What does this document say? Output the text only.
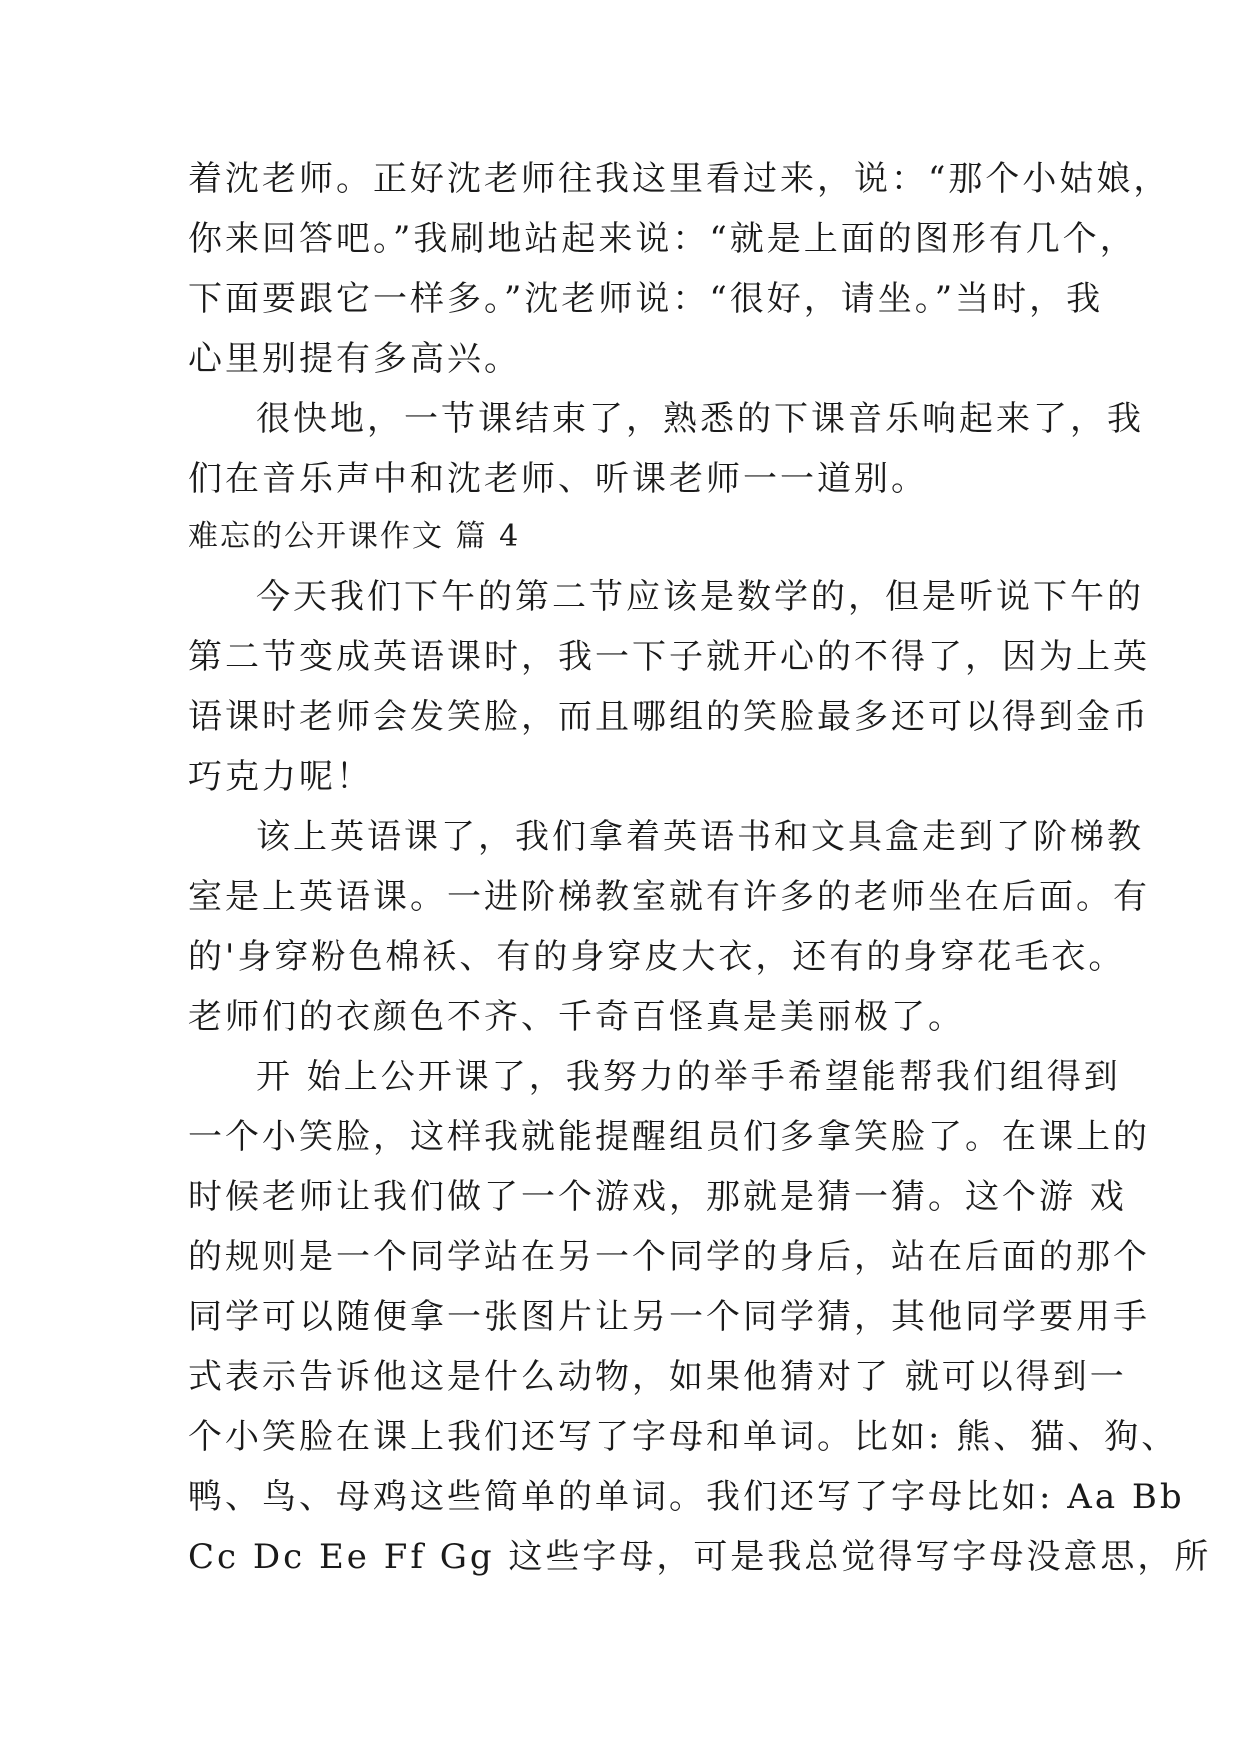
着沈老师。正好沈老师往我这里看过来，说：“那个小姑娘，
你来回答吧。”我刷地站起来说：“就是上面的图形有几个，
下面要跟它一样多。”沈老师说：“很好，请坐。”当时，我
心里别提有多高兴。
很快地，一节课结束了，熟悉的下课音乐响起来了，我
们在音乐声中和沈老师、听课老师一一道别。
难忘的公开课作文 篇 4
今天我们下午的第二节应该是数学的，但是听说下午的
第二节变成英语课时，我一下子就开心的不得了，因为上英
语课时老师会发笑脸，而且哪组的笑脸最多还可以得到金币
巧克力呢！
该上英语课了，我们拿着英语书和文具盒走到了阶梯教
室是上英语课。一进阶梯教室就有许多的老师坐在后面。有
的'身穿粉色棉袄、有的身穿皮大衣，还有的身穿花毛衣。
老师们的衣颜色不齐、千奇百怪真是美丽极了。
开 始上公开课了，我努力的举手希望能帮我们组得到
一个小笑脸，这样我就能提醒组员们多拿笑脸了。在课上的
时候老师让我们做了一个游戏，那就是猜一猜。这个游 戏
的规则是一个同学站在另一个同学的身后，站在后面的那个
同学可以随便拿一张图片让另一个同学猜，其他同学要用手
式表示告诉他这是什么动物，如果他猜对了 就可以得到一
个小笑脸在课上我们还写了字母和单词。比如: 熊、猫、狗、
鸭、鸟、母鸡这些简单的单词。我们还写了字母比如: Aa Bb
Cc Dc Ee Ff Gg 这些字母，可是我总觉得写字母没意思，所
